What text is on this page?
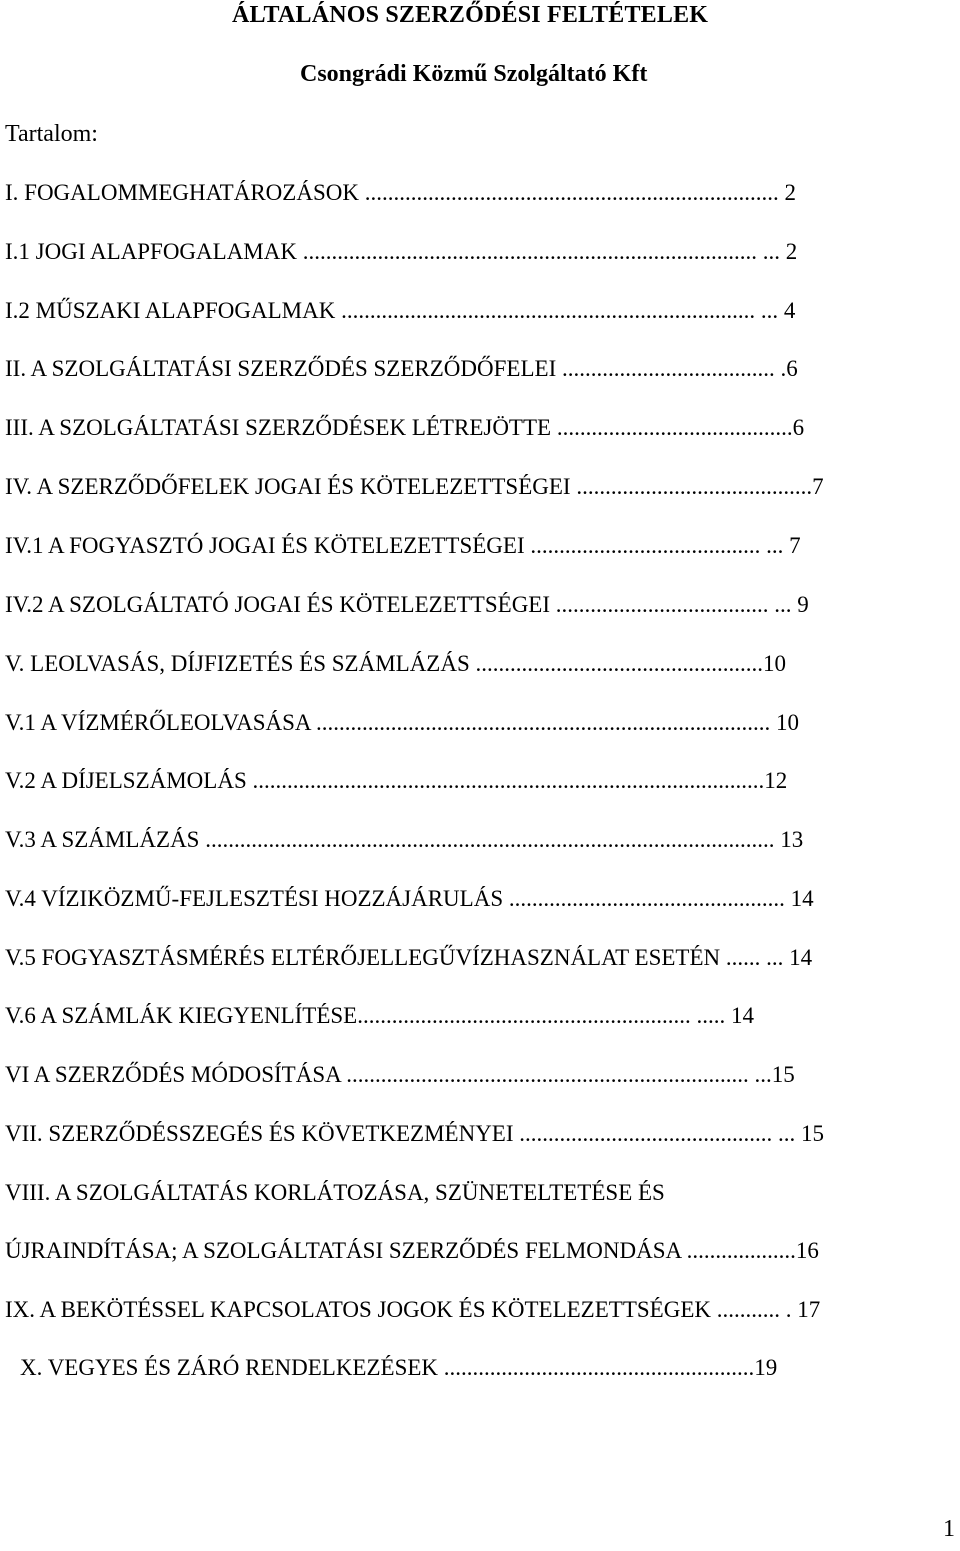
ÁLTALÁNOS SZERZŐDÉSI FELTÉTELEK
Csongrádi Közmű Szolgáltató Kft
Tartalom:
I. FOGALOMMEGHATÁROZÁSOK ........................................................................ 2
I.1 JOGI ALAPFOGALAMAK ............................................................................... ... 2
I.2 MŰSZAKI ALAPFOGALMAK ........................................................................ ... 4
II. A SZOLGÁLTATÁSI SZERZŐDÉS SZERZŐDŐFELEI ..................................... .6
III. A SZOLGÁLTATÁSI SZERZŐDÉSEK LÉTREJÖTTE .........................................6
IV. A SZERZŐDŐFELEK JOGAI ÉS KÖTELEZETTSÉGEI .........................................7
IV.1 A FOGYASZTÓ JOGAI ÉS KÖTELEZETTSÉGEI ........................................ ... 7
IV.2 A SZOLGÁLTATÓ JOGAI ÉS KÖTELEZETTSÉGEI ..................................... ... 9
V. LEOLVASÁS, DÍJFIZETÉS ÉS SZÁMLÁZÁS ..................................................10
V.1 A VÍZMÉRŐLEOLVASÁSA ............................................................................... 10
V.2 A DÍJELSZÁMOLÁS .........................................................................................12
V.3 A SZÁMLÁZÁS ................................................................................................... 13
V.4 VÍZIKÖZMŰ-FEJLESZTÉSI HOZZÁJÁRULÁS ................................................ 14
V.5 FOGYASZTÁSMÉRÉS ELTÉRŐJELLEGŰVÍZHASZNÁLAT ESETÉN ...... ... 14
V.6 A SZÁMLÁK KIEGYENLÍTÉSE.......................................................... ..... 14
VI A SZERZŐDÉS MÓDOSÍTÁSA ...................................................................... ...15
VII. SZERZŐDÉSSZEGÉS ÉS KÖVETKEZMÉNYEI ............................................ ... 15
VIII. A SZOLGÁLTATÁS KORLÁTOZÁSA, SZÜNETELTETÉSE ÉS
ÚJRAINDÍTÁSA; A SZOLGÁLTATÁSI SZERZŐDÉS FELMONDÁSA ...................16
IX. A BEKÖTÉSSEL KAPCSOLATOS JOGOK ÉS KÖTELEZETTSÉGEK ........... . 17
X. VEGYES ÉS ZÁRÓ RENDELKEZÉSEK ......................................................19
1
